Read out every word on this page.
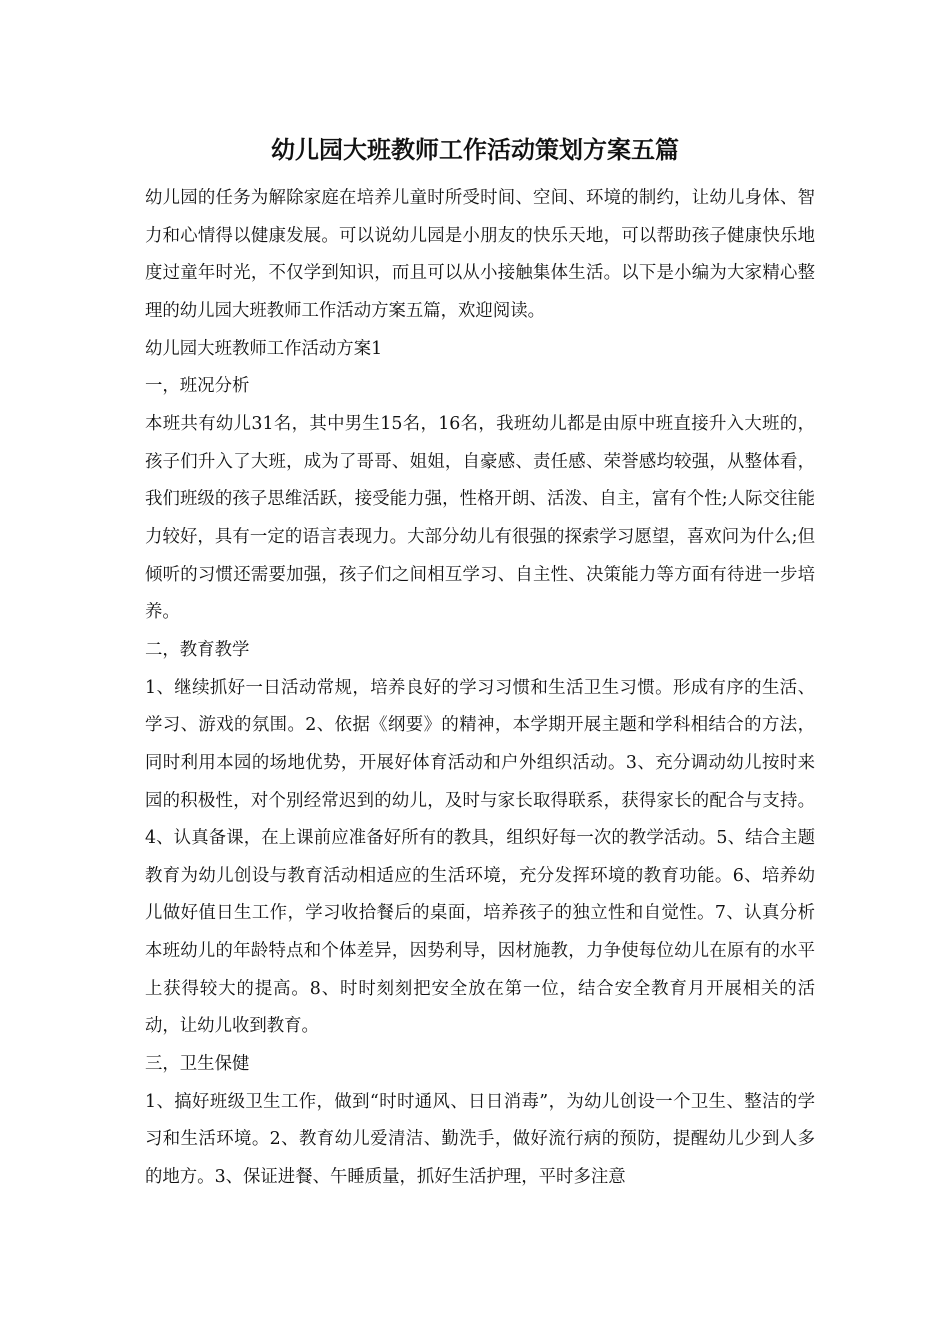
幼儿园大班教师工作活动策划方案五篇

幼儿园的任务为解除家庭在培养儿童时所受时间、空间、环境的制约，让幼儿身体、智力和心情得以健康发展。可以说幼儿园是小朋友的快乐天地，可以帮助孩子健康快乐地度过童年时光，不仅学到知识，而且可以从小接触集体生活。以下是小编为大家精心整理的幼儿园大班教师工作活动方案五篇，欢迎阅读。

幼儿园大班教师工作活动方案1

一，班况分析

本班共有幼儿31名，其中男生15名，16名，我班幼儿都是由原中班直接升入大班的，孩子们升入了大班，成为了哥哥、姐姐，自豪感、责任感、荣誉感均较强，从整体看，我们班级的孩子思维活跃，接受能力强，性格开朗、活泼、自主，富有个性;人际交往能力较好，具有一定的语言表现力。大部分幼儿有很强的探索学习愿望，喜欢问为什么;但倾听的习惯还需要加强，孩子们之间相互学习、自主性、决策能力等方面有待进一步培养。

二，教育教学

1、继续抓好一日活动常规，培养良好的学习习惯和生活卫生习惯。形成有序的生活、学习、游戏的氛围。2、依据《纲要》的精神，本学期开展主题和学科相结合的方法，同时利用本园的场地优势，开展好体育活动和户外组织活动。3、充分调动幼儿按时来园的积极性，对个别经常迟到的幼儿，及时与家长取得联系，获得家长的配合与支持。4、认真备课，在上课前应准备好所有的教具，组织好每一次的教学活动。5、结合主题教育为幼儿创设与教育活动相适应的生活环境，充分发挥环境的教育功能。6、培养幼儿做好值日生工作，学习收拾餐后的桌面，培养孩子的独立性和自觉性。7、认真分析本班幼儿的年龄特点和个体差异，因势利导，因材施教，力争使每位幼儿在原有的水平上获得较大的提高。8、时时刻刻把安全放在第一位，结合安全教育月开展相关的活动，让幼儿收到教育。

三，卫生保健

1、搞好班级卫生工作，做到“时时通风、日日消毒”，为幼儿创设一个卫生、整洁的学习和生活环境。2、教育幼儿爱清洁、勤洗手，做好流行病的预防，提醒幼儿少到人多的地方。3、保证进餐、午睡质量，抓好生活护理，平时多注意
